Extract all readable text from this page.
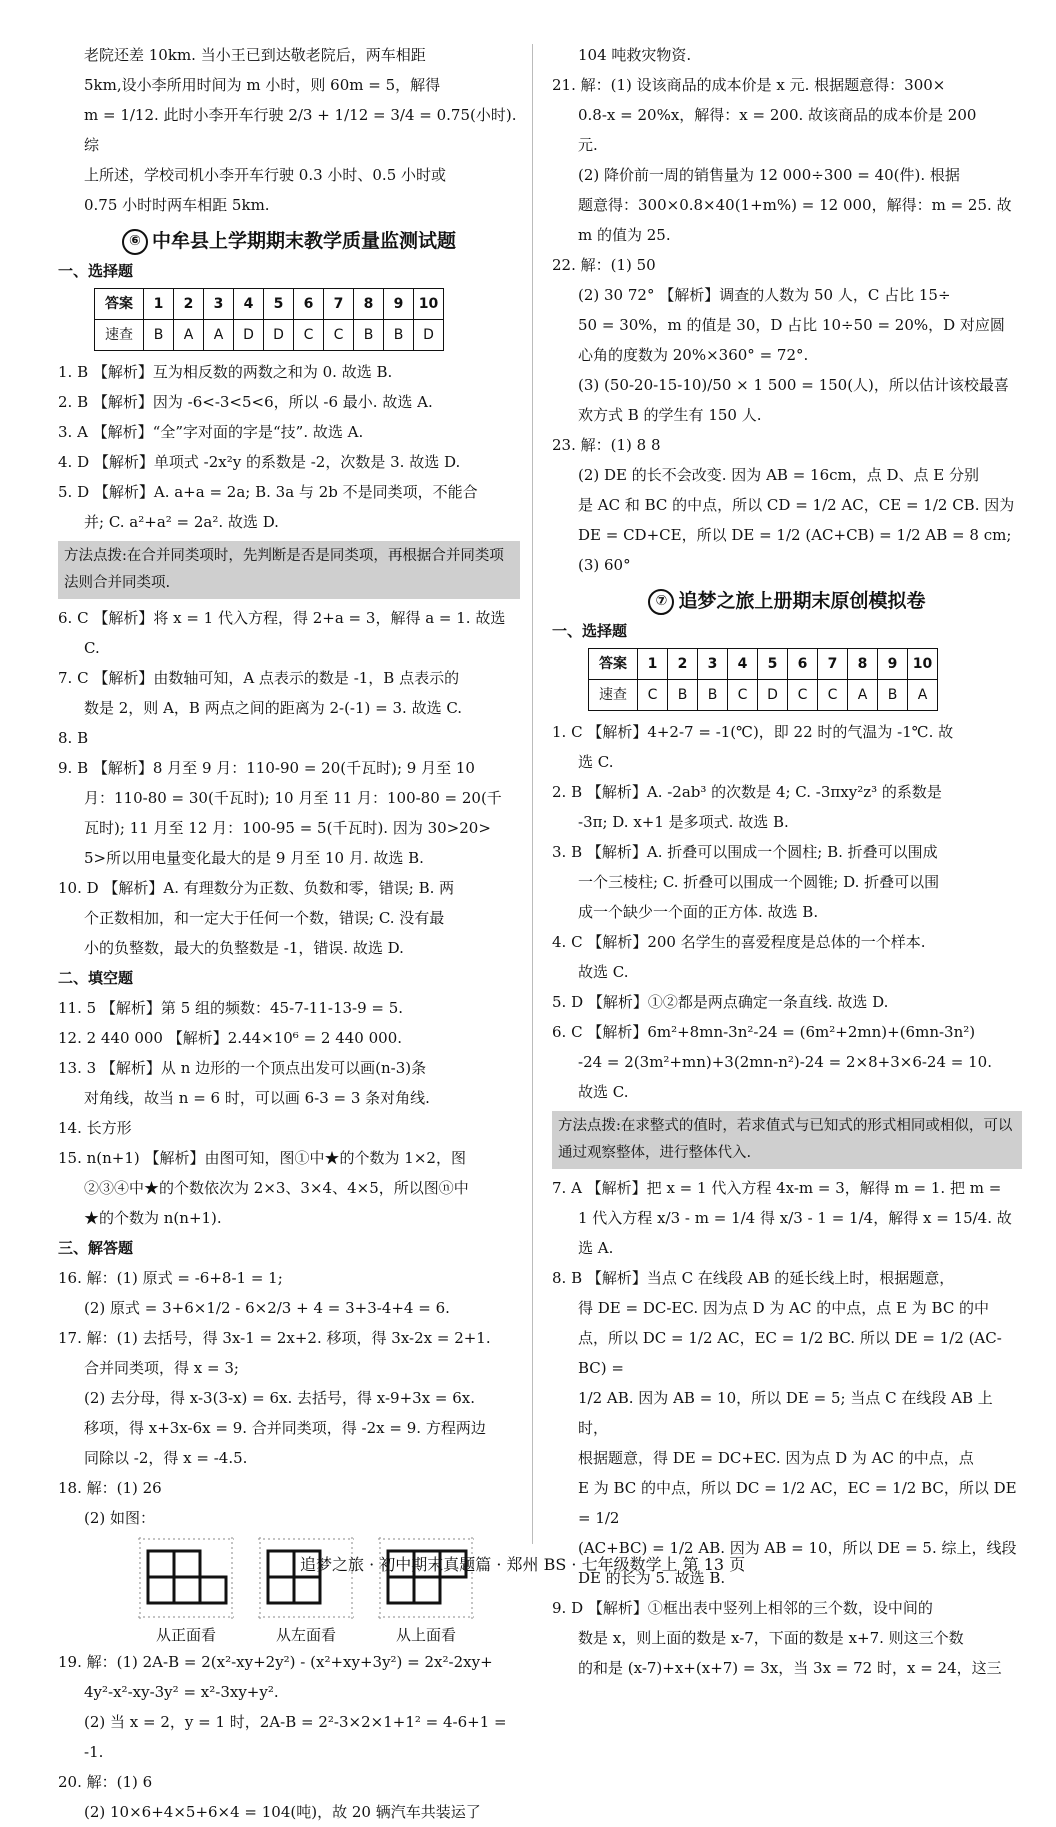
老院还差 10km. 当小王已到达敬老院后，两车相距

5km,设小李所用时间为 m 小时，则 60m = 5，解得

m = 1/12. 此时小李开车行驶 2/3 + 1/12 = 3/4 = 0.75(小时). 综

上所述，学校司机小李开车行驶 0.3 小时、0.5 小时或

0.75 小时时两车相距 5km.

⑥ 中牟县上学期期末教学质量监测试题
一、选择题
答案	1	2	3	4	5	6	7	8	9	10
速查	B	A	A	D	D	C	C	B	B	D

1. B 【解析】互为相反数的两数之和为 0. 故选 B.

2. B 【解析】因为 -6<-3<5<6，所以 -6 最小. 故选 A.

3. A 【解析】“全”字对面的字是“技”. 故选 A.

4. D 【解析】单项式 -2x²y 的系数是 -2，次数是 3. 故选 D.

5. D 【解析】A. a+a = 2a; B. 3a 与 2b 不是同类项，不能合

并; C. a²+a² = 2a². 故选 D.

方法点拨:在合并同类项时，先判断是否是同类项，再根据合并同类项法则合并同类项.

6. C 【解析】将 x = 1 代入方程，得 2+a = 3，解得 a = 1. 故选

C.

7. C 【解析】由数轴可知，A 点表示的数是 -1，B 点表示的

数是 2，则 A，B 两点之间的距离为 2-(-1) = 3. 故选 C.

8. B

9. B 【解析】8 月至 9 月：110-90 = 20(千瓦时); 9 月至 10

月：110-80 = 30(千瓦时); 10 月至 11 月：100-80 = 20(千

瓦时); 11 月至 12 月：100-95 = 5(千瓦时). 因为 30>20>

5>所以用电量变化最大的是 9 月至 10 月. 故选 B.

10. D 【解析】A. 有理数分为正数、负数和零，错误; B. 两

个正数相加，和一定大于任何一个数，错误; C. 没有最

小的负整数，最大的负整数是 -1，错误. 故选 D.

二、填空题

11. 5 【解析】第 5 组的频数：45-7-11-13-9 = 5.

12. 2 440 000 【解析】2.44×10⁶ = 2 440 000.

13. 3 【解析】从 n 边形的一个顶点出发可以画(n-3)条

对角线，故当 n = 6 时，可以画 6-3 = 3 条对角线.

14. 长方形

15. n(n+1) 【解析】由图可知，图①中★的个数为 1×2，图

②③④中★的个数依次为 2×3、3×4、4×5，所以图ⓝ中

★的个数为 n(n+1).

三、解答题

16. 解：(1) 原式 = -6+8-1 = 1;

(2) 原式 = 3+6×1/2 - 6×2/3 + 4 = 3+3-4+4 = 6.

17. 解：(1) 去括号，得 3x-1 = 2x+2. 移项，得 3x-2x = 2+1.

合并同类项，得 x = 3;

(2) 去分母，得 x-3(3-x) = 6x. 去括号，得 x-9+3x = 6x.

移项，得 x+3x-6x = 9. 合并同类项，得 -2x = 9. 方程两边

同除以 -2，得 x = -4.5.

18. 解：(1) 26

(2) 如图：

从正面看	从左面看	从上面看

19. 解：(1) 2A-B = 2(x²-xy+2y²) - (x²+xy+3y²) = 2x²-2xy+

4y²-x²-xy-3y² = x²-3xy+y².

(2) 当 x = 2，y = 1 时，2A-B = 2²-3×2×1+1² = 4-6+1 =

-1.

20. 解：(1) 6

(2) 10×6+4×5+6×4 = 104(吨)，故 20 辆汽车共装运了

104 吨救灾物资.

21. 解：(1) 设该商品的成本价是 x 元. 根据题意得：300×

0.8-x = 20%x，解得：x = 200. 故该商品的成本价是 200

元.

(2) 降价前一周的销售量为 12 000÷300 = 40(件). 根据

题意得：300×0.8×40(1+m%) = 12 000，解得：m = 25. 故

m 的值为 25.

22. 解：(1) 50

(2) 30 72° 【解析】调查的人数为 50 人，C 占比 15÷

50 = 30%，m 的值是 30，D 占比 10÷50 = 20%，D 对应圆

心角的度数为 20%×360° = 72°.

(3) (50-20-15-10)/50 × 1 500 = 150(人)，所以估计该校最喜

欢方式 B 的学生有 150 人.

23. 解：(1) 8 8

(2) DE 的长不会改变. 因为 AB = 16cm，点 D、点 E 分别

是 AC 和 BC 的中点，所以 CD = 1/2 AC，CE = 1/2 CB. 因为

DE = CD+CE，所以 DE = 1/2 (AC+CB) = 1/2 AB = 8 cm;

(3) 60°

⑦ 追梦之旅上册期末原创模拟卷
一、选择题
答案	1	2	3	4	5	6	7	8	9	10
速查	C	B	B	C	D	C	C	A	B	A

1. C 【解析】4+2-7 = -1(℃)，即 22 时的气温为 -1℃. 故

选 C.

2. B 【解析】A. -2ab³ 的次数是 4; C. -3πxy²z³ 的系数是

-3π; D. x+1 是多项式. 故选 B.

3. B 【解析】A. 折叠可以围成一个圆柱; B. 折叠可以围成

一个三棱柱; C. 折叠可以围成一个圆锥; D. 折叠可以围

成一个缺少一个面的正方体. 故选 B.

4. C 【解析】200 名学生的喜爱程度是总体的一个样本.

故选 C.

5. D 【解析】①②都是两点确定一条直线. 故选 D.

6. C 【解析】6m²+8mn-3n²-24 = (6m²+2mn)+(6mn-3n²)

-24 = 2(3m²+mn)+3(2mn-n²)-24 = 2×8+3×6-24 = 10.

故选 C.

方法点拨:在求整式的值时，若求值式与已知式的形式相同或相似，可以通过观察整体，进行整体代入.

7. A 【解析】把 x = 1 代入方程 4x-m = 3，解得 m = 1. 把 m =

1 代入方程 x/3 - m = 1/4 得 x/3 - 1 = 1/4，解得 x = 15/4. 故选 A.

8. B 【解析】当点 C 在线段 AB 的延长线上时，根据题意，

得 DE = DC-EC. 因为点 D 为 AC 的中点，点 E 为 BC 的中

点，所以 DC = 1/2 AC，EC = 1/2 BC. 所以 DE = 1/2 (AC-BC) =

1/2 AB. 因为 AB = 10，所以 DE = 5; 当点 C 在线段 AB 上时，

根据题意，得 DE = DC+EC. 因为点 D 为 AC 的中点，点

E 为 BC 的中点，所以 DC = 1/2 AC，EC = 1/2 BC，所以 DE = 1/2

(AC+BC) = 1/2 AB. 因为 AB = 10，所以 DE = 5. 综上，线段

DE 的长为 5. 故选 B.

9. D 【解析】①框出表中竖列上相邻的三个数，设中间的

数是 x，则上面的数是 x-7，下面的数是 x+7. 则这三个数

的和是 (x-7)+x+(x+7) = 3x，当 3x = 72 时，x = 24，这三

追梦之旅 · 初中期末真题篇 · 郑州 BS · 七年级数学上 第 13 页
